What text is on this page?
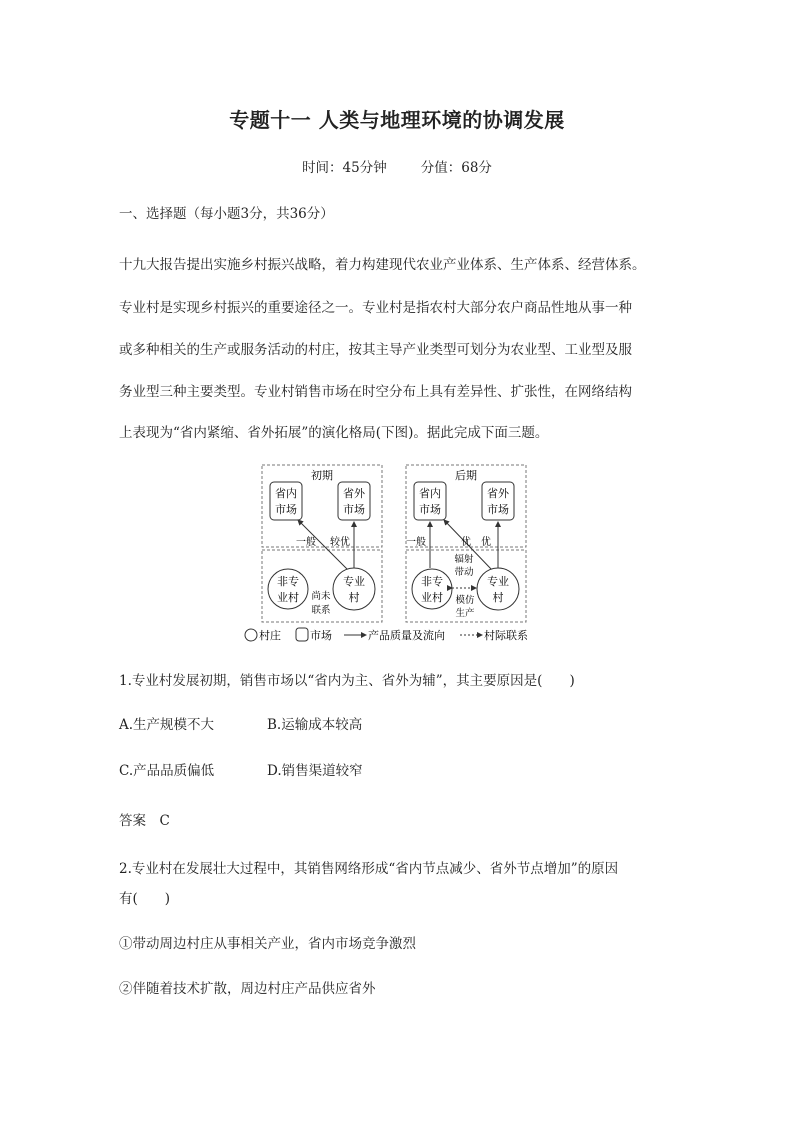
专题十一 人类与地理环境的协调发展
时间：45分钟	分值：68分
一、选择题（每小题3分，共36分）
十九大报告提出实施乡村振兴战略，着力构建现代农业产业体系、生产体系、经营体系。
专业村是实现乡村振兴的重要途径之一。专业村是指农村大部分农户商品性地从事一种
或多种相关的生产或服务活动的村庄，按其主导产业类型可划分为农业型、工业型及服
务业型三种主要类型。专业村销售市场在时空分布上具有差异性、扩张性，在网络结构
上表现为“省内紧缩、省外拓展”的演化格局(下图)。据此完成下面三题。
初期
省内
市场
省外
市场
一般 较优
非专
业村
专业
村
尚未
联系
后期
省内
市场
省外
市场
一般	优 优
辐射
带动
非专
业村
专业
村
模仿
生产
村庄	市场	产品质量及流向	村际联系
1.专业村发展初期，销售市场以“省内为主、省外为辅”，其主要原因是(　　)
A.生产规模不大	B.运输成本较高
C.产品品质偏低	D.销售渠道较窄
答案　C
2.专业村在发展壮大过程中，其销售网络形成“省内节点减少、省外节点增加”的原因
有(　　)
①带动周边村庄从事相关产业，省内市场竞争激烈
②伴随着技术扩散，周边村庄产品供应省外
